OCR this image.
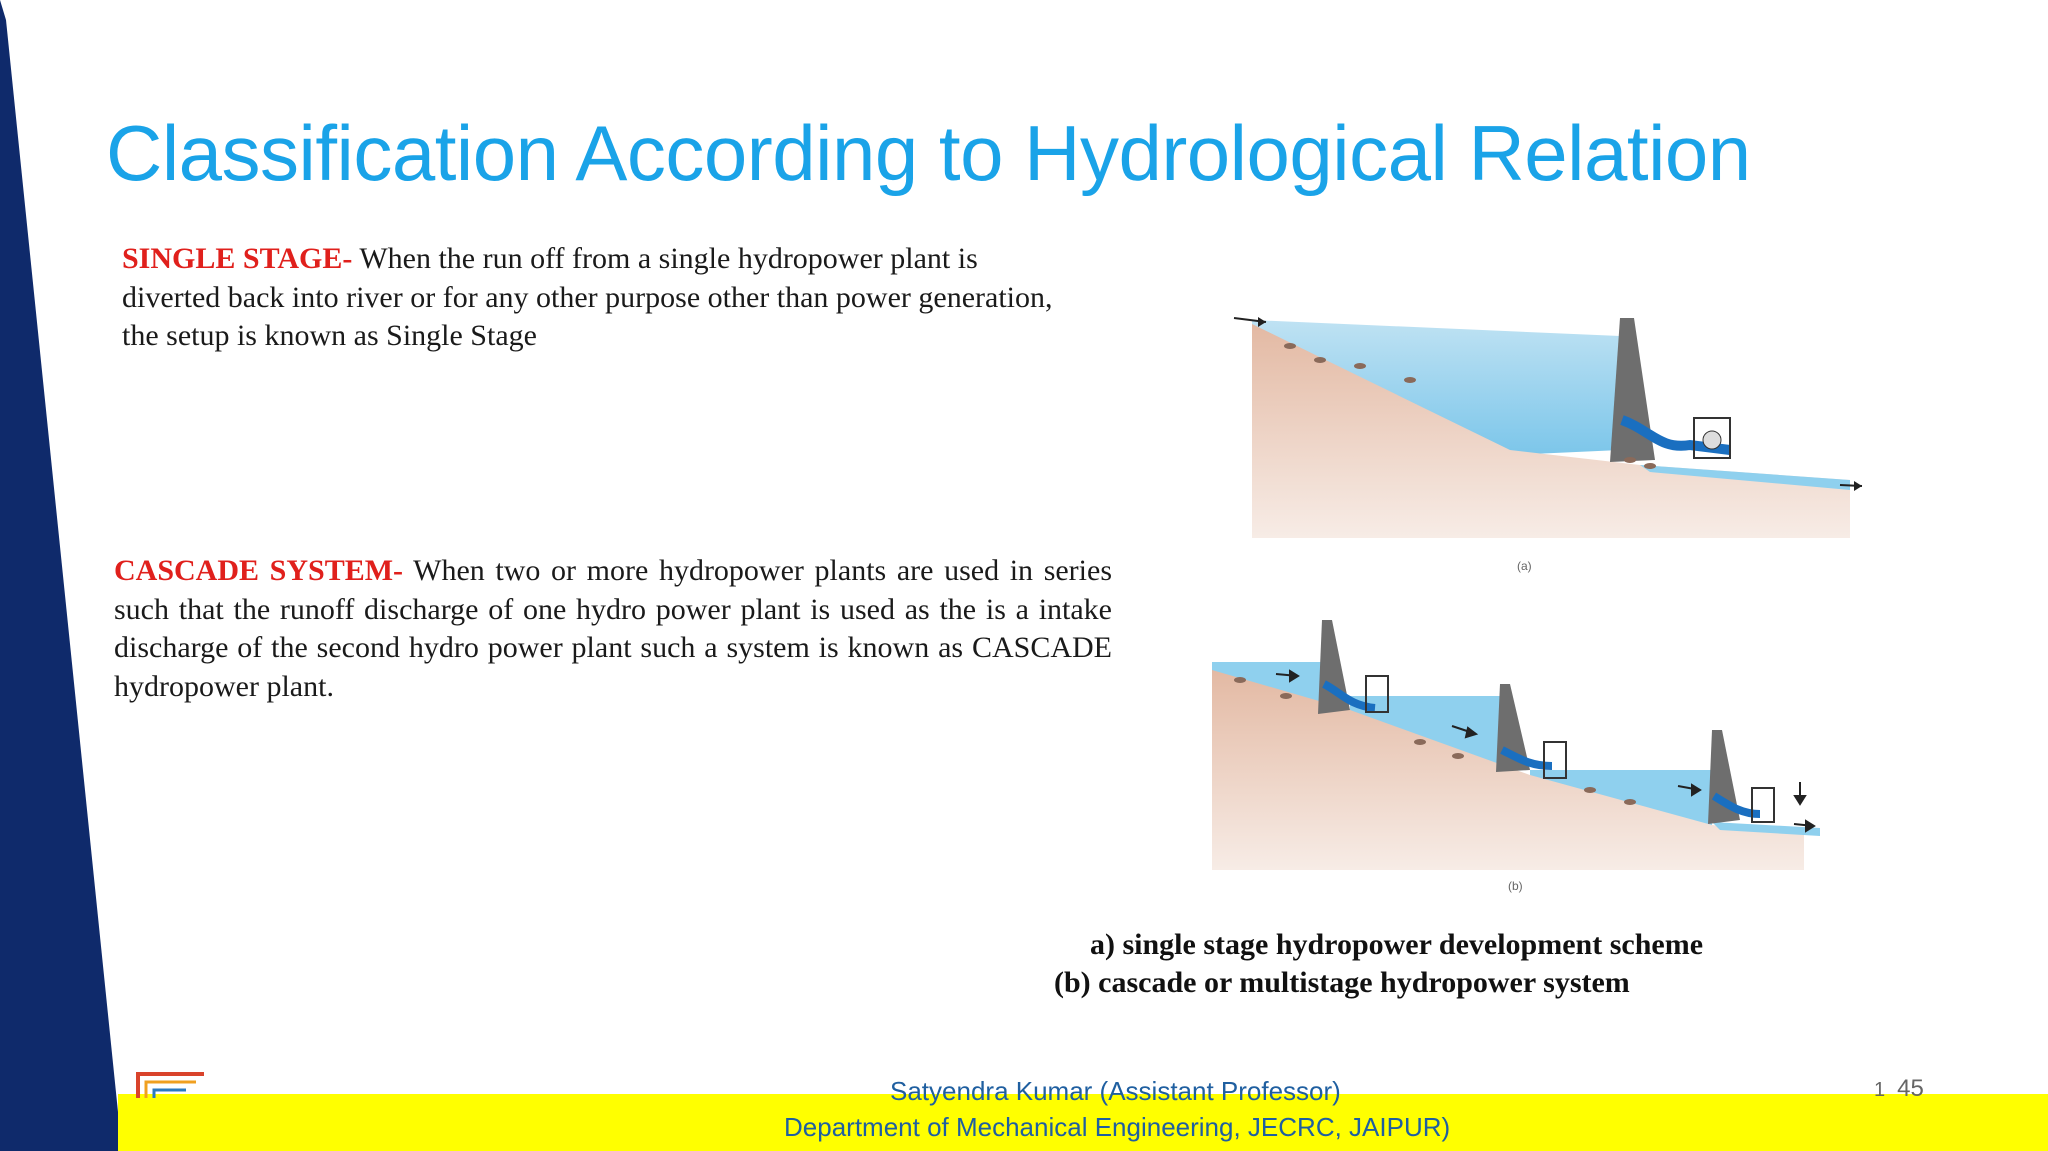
Classification According to Hydrological Relation
SINGLE STAGE- When the run off from a single hydropower plant is diverted back into river or for any other purpose other than power generation, the setup is known as Single Stage
CASCADE SYSTEM- When two or more hydropower plants are used in series such that the runoff discharge of one hydro power plant is used as the is a intake discharge of the second hydro power plant such a system is known as CASCADE hydropower plant.
(a)
(b)
a) single stage hydropower development scheme
(b) cascade or multistage hydropower system
Satyendra Kumar (Assistant Professor)
Department of Mechanical Engineering, JECRC, JAIPUR)
1 45
